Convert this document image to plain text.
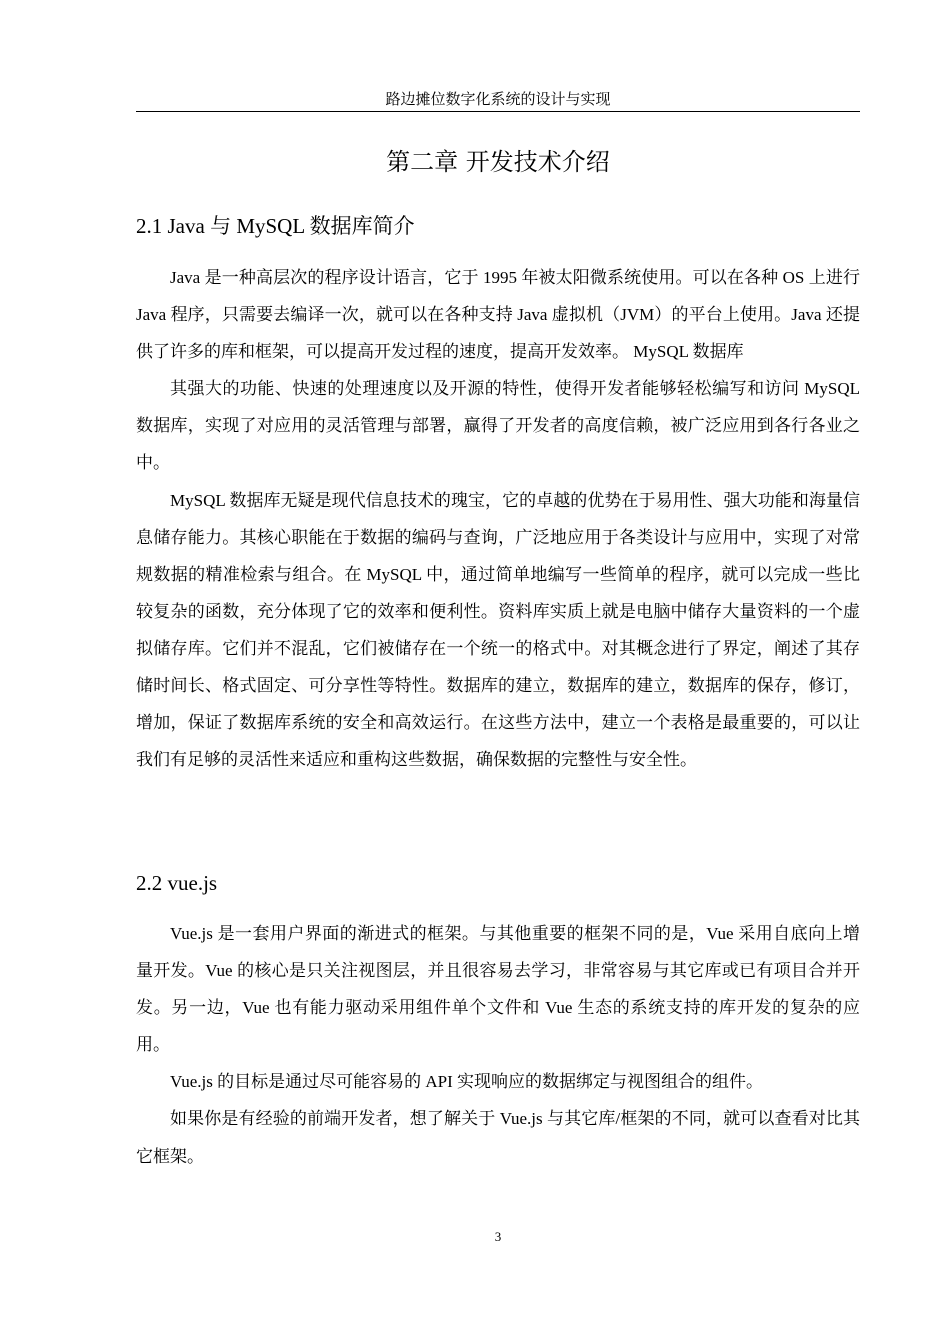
路边摊位数字化系统的设计与实现
第二章 开发技术介绍
2.1 Java 与 MySQL 数据库简介

Java 是一种高层次的程序设计语言，它于 1995 年被太阳微系统使用。可以在各种 OS 上进行 Java 程序，只需要去编译一次，就可以在各种支持 Java 虚拟机（JVM）的平台上使用。Java 还提供了许多的库和框架，可以提高开发过程的速度，提高开发效率。 MySQL 数据库

其强大的功能、快速的处理速度以及开源的特性，使得开发者能够轻松编写和访问 MySQL 数据库，实现了对应用的灵活管理与部署，赢得了开发者的高度信赖，被广泛应用到各行各业之中。

MySQL 数据库无疑是现代信息技术的瑰宝，它的卓越的优势在于易用性、强大功能和海量信息储存能力。其核心职能在于数据的编码与查询，广泛地应用于各类设计与应用中，实现了对常规数据的精准检索与组合。在 MySQL 中，通过简单地编写一些简单的程序，就可以完成一些比较复杂的函数，充分体现了它的效率和便利性。资料库实质上就是电脑中储存大量资料的一个虚拟储存库。它们并不混乱，它们被储存在一个统一的格式中。对其概念进行了界定，阐述了其存储时间长、格式固定、可分享性等特性。数据库的建立，数据库的建立，数据库的保存，修订，增加，保证了数据库系统的安全和高效运行。在这些方法中，建立一个表格是最重要的，可以让我们有足够的灵活性来适应和重构这些数据，确保数据的完整性与安全性。

2.2 vue.js

Vue.js 是一套用户界面的渐进式的框架。与其他重要的框架不同的是，Vue 采用自底向上增量开发。Vue 的核心是只关注视图层，并且很容易去学习，非常容易与其它库或已有项目合并开发。另一边，Vue 也有能力驱动采用组件单个文件和 Vue 生态的系统支持的库开发的复杂的应用。

Vue.js 的目标是通过尽可能容易的 API 实现响应的数据绑定与视图组合的组件。

如果你是有经验的前端开发者，想了解关于 Vue.js 与其它库/框架的不同，就可以查看对比其它框架。

3
